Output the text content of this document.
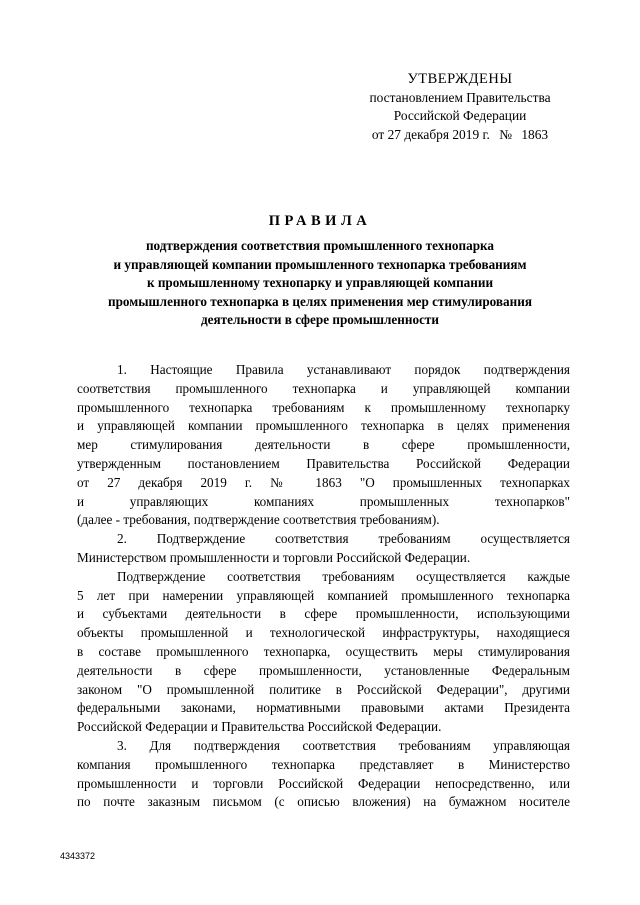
УТВЕРЖДЕНЫ
постановлением Правительства
Российской Федерации
от 27 декабря 2019 г. № 1863
ПРАВИЛА
подтверждения соответствия промышленного технопарка
и управляющей компании промышленного технопарка требованиям
к промышленному технопарку и управляющей компании
промышленного технопарка в целях применения мер стимулирования
деятельности в сфере промышленности

1. Настоящие Правила устанавливают порядок подтверждения
соответствия промышленного технопарка и управляющей компании
промышленного технопарка требованиям к промышленному технопарку
и управляющей компании промышленного технопарка в целях применения
мер стимулирования деятельности в сфере промышленности,
утвержденным постановлением Правительства Российской Федерации
от 27 декабря 2019 г. № 1863 "О промышленных технопарках
и управляющих компаниях промышленных технопарков"
(далее - требования, подтверждение соответствия требованиям).

2. Подтверждение соответствия требованиям осуществляется
Министерством промышленности и торговли Российской Федерации.

Подтверждение соответствия требованиям осуществляется каждые
5 лет при намерении управляющей компанией промышленного технопарка
и субъектами деятельности в сфере промышленности, использующими
объекты промышленной и технологической инфраструктуры, находящиеся
в составе промышленного технопарка, осуществить меры стимулирования
деятельности в сфере промышленности, установленные Федеральным
законом "О промышленной политике в Российской Федерации", другими
федеральными законами, нормативными правовыми актами Президента
Российской Федерации и Правительства Российской Федерации.

3. Для подтверждения соответствия требованиям управляющая
компания промышленного технопарка представляет в Министерство
промышленности и торговли Российской Федерации непосредственно, или
по почте заказным письмом (с описью вложения) на бумажном носителе

4343372
